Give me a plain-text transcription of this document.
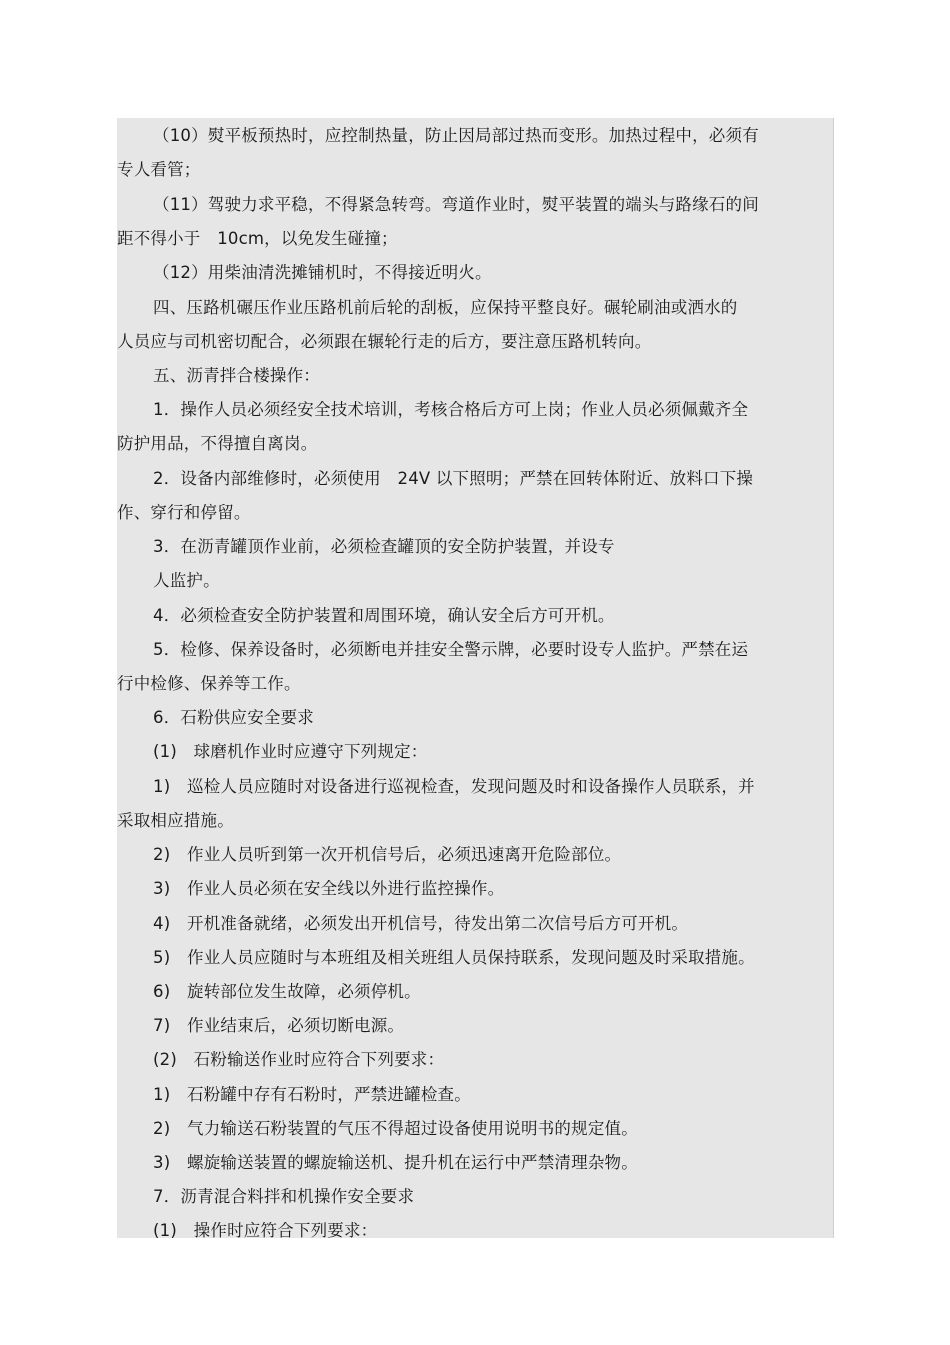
（10）熨平板预热时，应控制热量，防止因局部过热而变形。加热过程中，必须有
专人看管；
（11）驾驶力求平稳，不得紧急转弯。弯道作业时，熨平装置的端头与路缘石的间
距不得小于　10cm，以免发生碰撞；
（12）用柴油清洗摊铺机时，不得接近明火。
四、压路机碾压作业压路机前后轮的刮板，应保持平整良好。碾轮刷油或洒水的
人员应与司机密切配合，必须跟在辗轮行走的后方，要注意压路机转向。
五、沥青拌合楼操作：
1．操作人员必须经安全技术培训，考核合格后方可上岗；作业人员必须佩戴齐全
防护用品，不得擅自离岗。
2．设备内部维修时，必须使用　24V 以下照明；严禁在回转体附近、放料口下操
作、穿行和停留。
3．在沥青罐顶作业前，必须检查罐顶的安全防护装置，并设专
人监护。
4．必须检查安全防护装置和周围环境，确认安全后方可开机。
5．检修、保养设备时，必须断电并挂安全警示牌，必要时设专人监护。严禁在运
行中检修、保养等工作。
6．石粉供应安全要求
(1)　球磨机作业时应遵守下列规定：
1)　巡检人员应随时对设备进行巡视检查，发现问题及时和设备操作人员联系，并
采取相应措施。
2)　作业人员听到第一次开机信号后，必须迅速离开危险部位。
3)　作业人员必须在安全线以外进行监控操作。
4)　开机准备就绪，必须发出开机信号，待发出第二次信号后方可开机。
5)　作业人员应随时与本班组及相关班组人员保持联系，发现问题及时采取措施。
6)　旋转部位发生故障，必须停机。
7)　作业结束后，必须切断电源。
(2)　石粉输送作业时应符合下列要求：
1)　石粉罐中存有石粉时，严禁进罐检查。
2)　气力输送石粉装置的气压不得超过设备使用说明书的规定值。
3)　螺旋输送装置的螺旋输送机、提升机在运行中严禁清理杂物。
7．沥青混合料拌和机操作安全要求
(1)　操作时应符合下列要求：
